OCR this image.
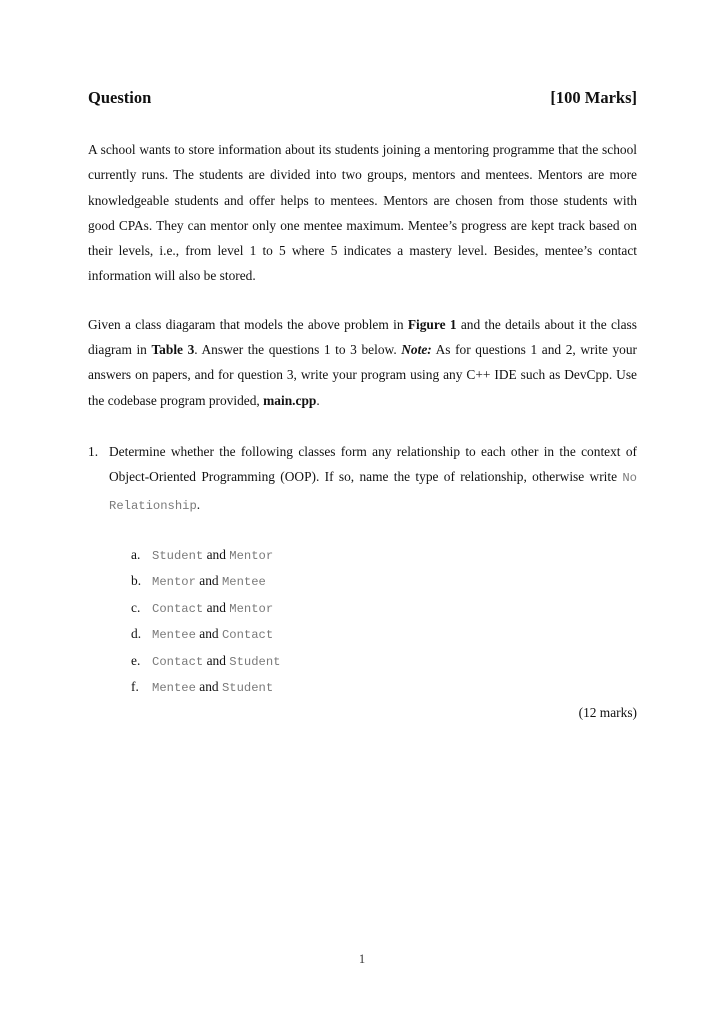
Question	[100 Marks]

A school wants to store information about its students joining a mentoring programme that the school currently runs. The students are divided into two groups, mentors and mentees. Mentors are more knowledgeable students and offer helps to mentees. Mentors are chosen from those students with good CPAs. They can mentor only one mentee maximum. Mentee’s progress are kept track based on their levels, i.e., from level 1 to 5 where 5 indicates a mastery level. Besides, mentee’s contact information will also be stored.

Given a class diagaram that models the above problem in Figure 1 and the details about it the class diagram in Table 3. Answer the questions 1 to 3 below. Note: As for questions 1 and 2, write your answers on papers, and for question 3, write your program using any C++ IDE such as DevCpp. Use the codebase program provided, main.cpp.

1. Determine whether the following classes form any relationship to each other in the context of Object-Oriented Programming (OOP). If so, name the type of relationship, otherwise write No Relationship.
a. Student and Mentor
b. Mentor and Mentee
c. Contact and Mentor
d. Mentee and Contact
e. Contact and Student
f. Mentee and Student
(12 marks)
1
